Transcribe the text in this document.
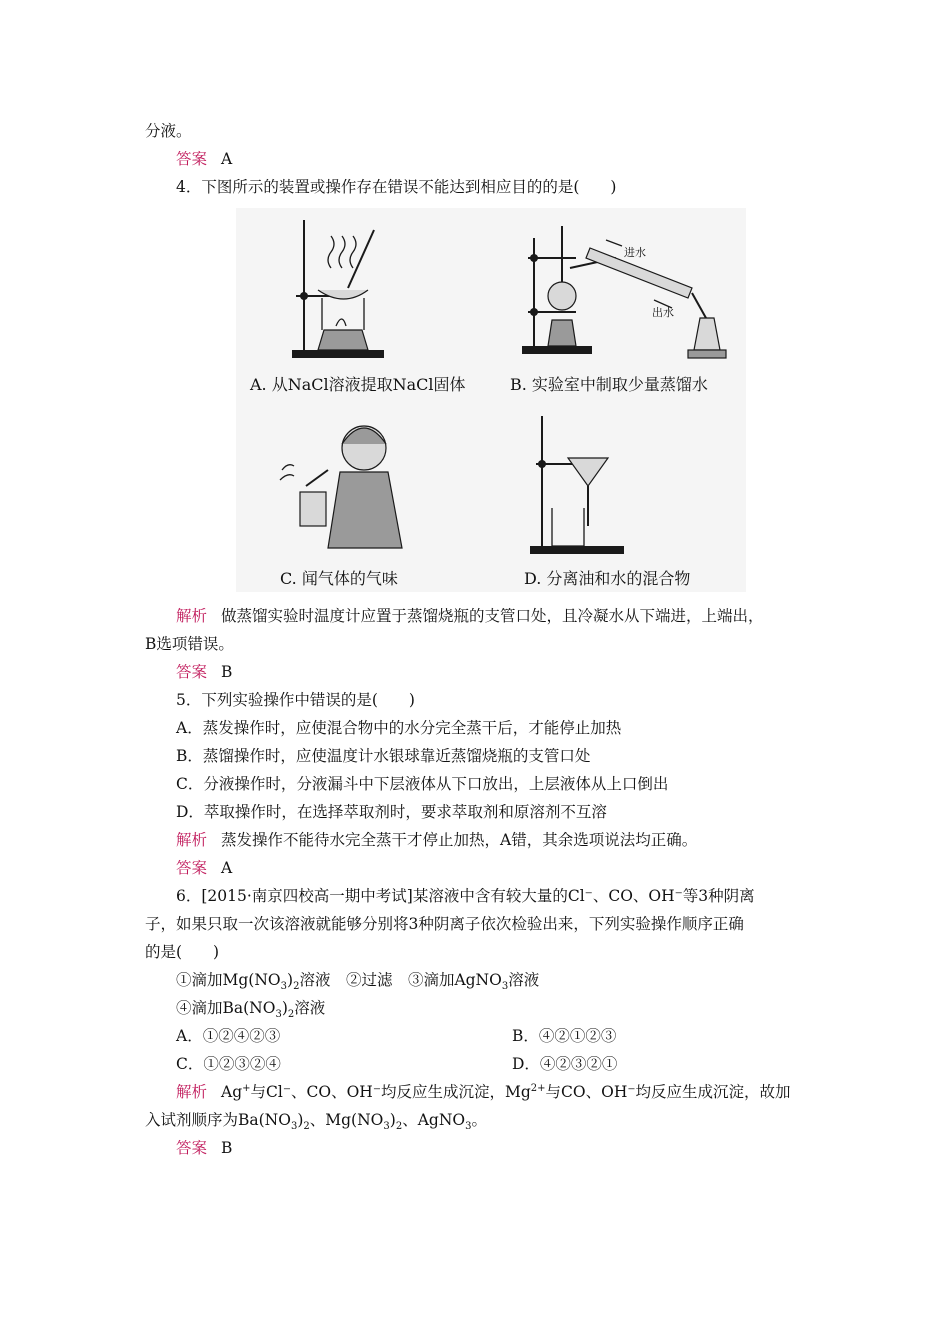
分液。
答案 A
4．下图所示的装置或操作存在错误不能达到相应目的的是(　　)
A. 从NaCl溶液提取NaCl固体	B. 实验室中制取少量蒸馏水
C. 闻气体的气味	D. 分离油和水的混合物
进水
出水
解析 做蒸馏实验时温度计应置于蒸馏烧瓶的支管口处，且冷凝水从下端进，上端出，
B选项错误。
答案 B
5．下列实验操作中错误的是(　　)
A．蒸发操作时，应使混合物中的水分完全蒸干后，才能停止加热
B．蒸馏操作时，应使温度计水银球靠近蒸馏烧瓶的支管口处
C．分液操作时，分液漏斗中下层液体从下口放出，上层液体从上口倒出
D．萃取操作时，在选择萃取剂时，要求萃取剂和原溶剂不互溶
解析 蒸发操作不能待水完全蒸干才停止加热，A错，其余选项说法均正确。
答案 A
6．[2015·南京四校高一期中考试]某溶液中含有较大量的Cl⁻、CO、OH⁻等3种阴离
子，如果只取一次该溶液就能够分别将3种阴离子依次检验出来，下列实验操作顺序正确
的是(　　)
①滴加$Mg(NO_3)_2$溶液　②过滤　③滴加AgNO$_3$溶液
④滴加$Ba(NO_3)_2$溶液
A．①②④②③	B．④②①②③
C．①②③②④	D．④②③②①
解析 Ag+与Cl⁻、CO、OH⁻均反应生成沉淀，$Mg^{2+}$与CO、OH⁻均反应生成沉淀，故加
入试剂顺序为$Ba(NO_3)_2$、$Mg(NO_3)_2$、AgNO$_3$。
答案 B
